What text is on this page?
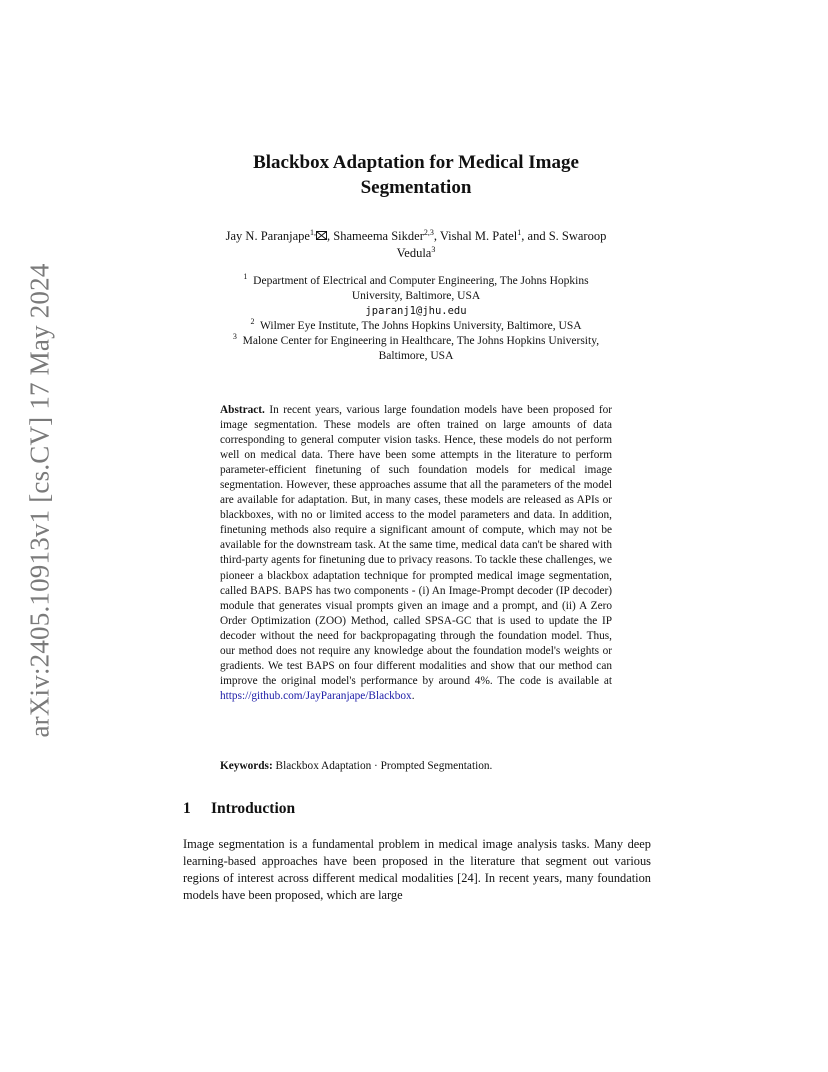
arXiv:2405.10913v1 [cs.CV] 17 May 2024
Blackbox Adaptation for Medical Image
Segmentation
Jay N. Paranjape$^{1,}$ , Shameema Sikder$^{2,3}$, Vishal M. Patel$^1$, and S. Swaroop
Vedula$^3$
$^1$ Department of Electrical and Computer Engineering, The Johns Hopkins
University, Baltimore, USA
jparanj1@jhu.edu
$^2$ Wilmer Eye Institute, The Johns Hopkins University, Baltimore, USA
$^3$ Malone Center for Engineering in Healthcare, The Johns Hopkins University,
Baltimore, USA
Abstract. In recent years, various large foundation models have been proposed for image segmentation. These models are often trained on large amounts of data corresponding to general computer vision tasks. Hence, these models do not perform well on medical data. There have been some attempts in the literature to perform parameter-efficient finetuning of such foundation models for medical image segmentation. However, these approaches assume that all the parameters of the model are available for adaptation. But, in many cases, these models are released as APIs or blackboxes, with no or limited access to the model parameters and data. In addition, finetuning methods also require a significant amount of compute, which may not be available for the downstream task. At the same time, medical data can't be shared with third-party agents for finetuning due to privacy reasons. To tackle these challenges, we pioneer a blackbox adaptation technique for prompted medical image segmentation, called BAPS. BAPS has two components - (i) An Image-Prompt decoder (IP decoder) module that generates visual prompts given an image and a prompt, and (ii) A Zero Order Optimization (ZOO) Method, called SPSA-GC that is used to update the IP decoder without the need for backpropagating through the foundation model. Thus, our method does not require any knowledge about the foundation model's weights or gradients. We test BAPS on four different modalities and show that our method can improve the original model's performance by around 4%. The code is available at https://github.com/JayParanjape/Blackbox.
Keywords: Blackbox Adaptation · Prompted Segmentation.
1 Introduction
Image segmentation is a fundamental problem in medical image analysis tasks. Many deep learning-based approaches have been proposed in the literature that segment out various regions of interest across different medical modalities [24]. In recent years, many foundation models have been proposed, which are large
